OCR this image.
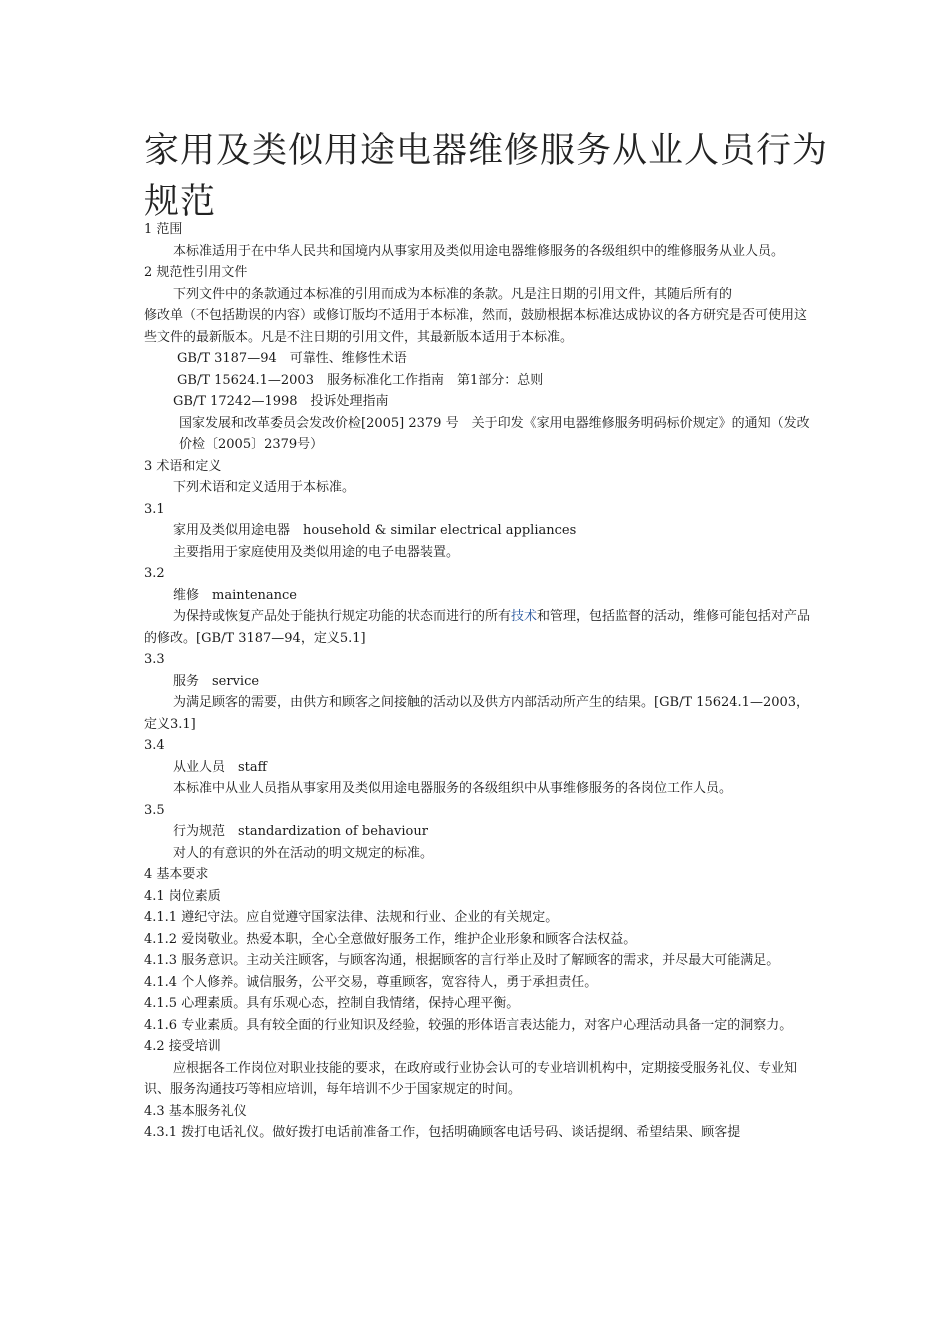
家用及类似用途电器维修服务从业人员行为规范

1 范围

本标准适用于在中华人民共和国境内从事家用及类似用途电器维修服务的各级组织中的维修服务从业人员。

2 规范性引用文件

下列文件中的条款通过本标准的引用而成为本标准的条款。凡是注日期的引用文件，其随后所有的

修改单（不包括勘误的内容）或修订版均不适用于本标准，然而，鼓励根据本标准达成协议的各方研究是否可使用这些文件的最新版本。凡是不注日期的引用文件，其最新版本适用于本标准。

GB/T 3187—94　可靠性、维修性术语

GB/T 15624.1—2003　服务标准化工作指南　第1部分：总则

GB/T 17242—1998　投诉处理指南

国家发展和改革委员会发改价检[2005] 2379 号　关于印发《家用电器维修服务明码标价规定》的通知（发改价检〔2005〕2379号）

3 术语和定义

下列术语和定义适用于本标准。

3.1

家用及类似用途电器　household & similar electrical appliances

主要指用于家庭使用及类似用途的电子电器装置。

3.2

维修　maintenance

为保持或恢复产品处于能执行规定功能的状态而进行的所有技术和管理，包括监督的活动，维修可能包括对产品的修改。[GB/T 3187—94，定义5.1]

3.3

服务　service

为满足顾客的需要，由供方和顾客之间接触的活动以及供方内部活动所产生的结果。[GB/T 15624.1—2003，定义3.1]

3.4

从业人员　staff

本标准中从业人员指从事家用及类似用途电器服务的各级组织中从事维修服务的各岗位工作人员。

3.5

行为规范　standardization of behaviour

对人的有意识的外在活动的明文规定的标准。

4 基本要求

4.1 岗位素质

4.1.1 遵纪守法。应自觉遵守国家法律、法规和行业、企业的有关规定。

4.1.2 爱岗敬业。热爱本职，全心全意做好服务工作，维护企业形象和顾客合法权益。

4.1.3 服务意识。主动关注顾客，与顾客沟通，根据顾客的言行举止及时了解顾客的需求，并尽最大可能满足。

4.1.4 个人修养。诚信服务，公平交易，尊重顾客，宽容待人，勇于承担责任。

4.1.5 心理素质。具有乐观心态，控制自我情绪，保持心理平衡。

4.1.6 专业素质。具有较全面的行业知识及经验，较强的形体语言表达能力，对客户心理活动具备一定的洞察力。

4.2 接受培训

应根据各工作岗位对职业技能的要求，在政府或行业协会认可的专业培训机构中，定期接受服务礼仪、专业知识、服务沟通技巧等相应培训，每年培训不少于国家规定的时间。

4.3 基本服务礼仪

4.3.1 拨打电话礼仪。做好拨打电话前准备工作，包括明确顾客电话号码、谈话提纲、希望结果、顾客提
